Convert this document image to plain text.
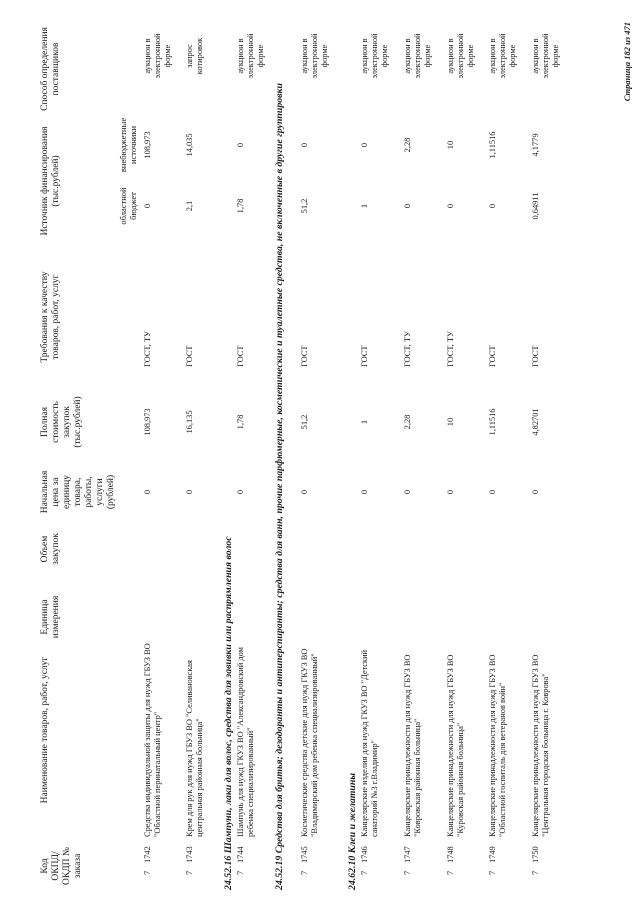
Код ОКПД/ ОКДП № заказа
Наименование товаров, работ, услуг
Единица измерения
Объем закупок
Начальная цена за единицу товара, работы, услуги (рублей)
Полная стоимость закупок (тыс.рублей)
Требования к качеству товаров, работ, услуг
Источник финансирования (тыс.рублей)	областной бюджет
внебюджетные источники
Способ определения поставщиков
7
1742
Средства индивидуальной защиты для нужд ГБУЗ ВО "Областной перинатальный центр"
0
108,973
ГОСТ, ТУ
0
108,973
аукцион в электронной форме
7
1743
Крем для рук для нужд ГБУЗ ВО "Селивановская центральная районная больница"
0
16,135
ГОСТ
2,1
14,035
запрос котировок
24.52.16 Шампуни, лаки для волос, средства для завивки или распрямления волос 7
1744
Шампунь для нужд ГКУЗ ВО "Александровский дом ребенка специализированный"
0
1,78
ГОСТ
1,78
0
аукцион в электронной форме
24.52.19 Средства для бритья; дезодоранты и антиперспиранты; средства для ванн, прочие парфюмерные, косметические и туалетные средства, не включенные в другие группировки 7
1745
Косметические средства детские для нужд ГКУЗ ВО "Владимирский дом ребенка специализированный"
0
51,2
ГОСТ
51,2
0
аукцион в электронной форме
24.62.10 Клеи и желатины 7
1746
Канцелярские изделия для нужд ГКУЗ ВО "Детский санаторий №3 г.Владимир"
0
1
ГОСТ
1
0
аукцион в электронной форме
7
1747
Канцелярские принадлежности для нужд ГБУЗ ВО "Ковровская районная больница"
0
2,28
ГОСТ, ТУ
0
2,28
аукцион в электронной форме
7
1748
Канцелярские принадлежности для нужд ГБУЗ ВО "Куровская районная больница"
0
10
ГОСТ, ТУ
0
10
аукцион в электронной форме
7
1749
Канцелярские принадлежности для нужд ГБУЗ ВО "Областной госпиталь для ветеранов войн"
0
1,11516
ГОСТ
0
1,11516
аукцион в электронной форме
7
1750
Канцелярские принадлежности для нужд ГБУЗ ВО "Центральная городская больница г. Коврова"
0
4,82701
ГОСТ
0,64911
4,1779
аукцион в электронной форме	Страница 182 из 471
